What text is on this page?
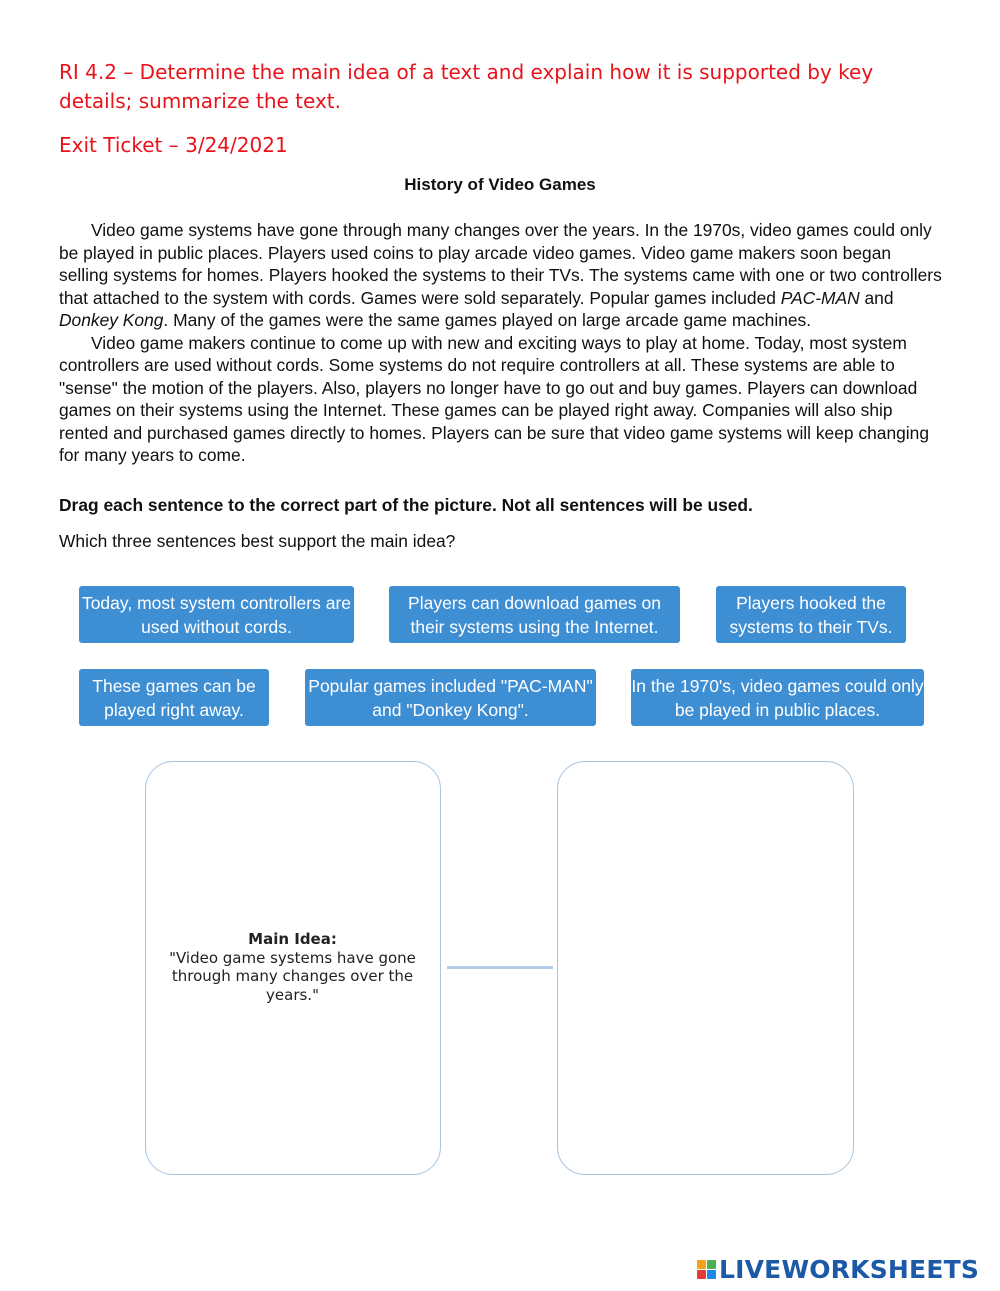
RI 4.2 – Determine the main idea of a text and explain how it is supported by key details; summarize the text.
Exit Ticket – 3/24/2021
History of Video Games

Video game systems have gone through many changes over the years. In the 1970s, video games could only be played in public places. Players used coins to play arcade video games. Video game makers soon began selling systems for homes. Players hooked the systems to their TVs. The systems came with one or two controllers that attached to the system with cords. Games were sold separately. Popular games included PAC-MAN and Donkey Kong. Many of the games were the same games played on large arcade game machines.

Video game makers continue to come up with new and exciting ways to play at home. Today, most system controllers are used without cords. Some systems do not require controllers at all. These systems are able to "sense" the motion of the players. Also, players no longer have to go out and buy games. Players can download games on their systems using the Internet. These games can be played right away. Companies will also ship rented and purchased games directly to homes. Players can be sure that video game systems will keep changing for many years to come.

Drag each sentence to the correct part of the picture. Not all sentences will be used.
Which three sentences best support the main idea?
Today, most system controllers are used without cords.
Players can download games on their systems using the Internet.
Players hooked the systems to their TVs.
These games can be played right away.
Popular games included "PAC-MAN" and "Donkey Kong".
In the 1970's, video games could only be played in public places.
Main Idea:
"Video game systems have gone through many changes over the years."
LIVEWORKSHEETS
